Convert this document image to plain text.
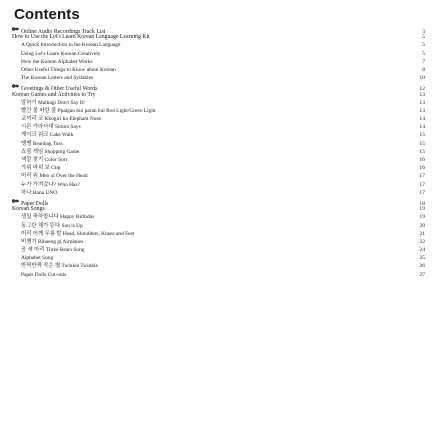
Contents
Online Audio Recordings Track List	3
How to Use the Let's Learn Korean Language Learning Kit	5
A Quick Introduction to the Korean Language	5
Using Let's Learn Korean Creatively	5
How the Korean Alphabet Works	7
Other Useful Things to Know about Korean	8
The Korean Letters and Syllables	10
Greetings & Other Useful Words	12
Korean Games and Activities to Try	13
말하기 Malhagi Don't Say It!	13
빨간 불 파란 불 Ppalgan bul paran bul Red Light/Green Light	13
코끼리 코 Kkogiri ko Elephant Nose	14
시몬 가라사대 Simon Says	14
케이크 워크 Cake Walk	15
땡땡 Beanbag Toss	15
쇼핑 게임 Shopping Game	15
색깔 찾기 Color Sort	16
가위 바위 보 Gbp	16
머리 위 Meo ui Over the Head	17
누가 가져갔나? Who Has?	17
하나 Hana UNO	17
Paper Dolls	18
Korean Songs	19
생일 축하합니다 Happy Birthday	19
동그란 해가 뜬다 Sun is Up	20
머리 어깨 무릎 발 Head, Shoulders, Knees and Feet	21
비행기 Bihaeng gi Airplanes	22
곰 세 마리 Three Bears Song	24
Alphabet Song	25
반짝반짝 작은 별 Twinkle Twinkle	26
Paper Dolls Cut-outs	27
